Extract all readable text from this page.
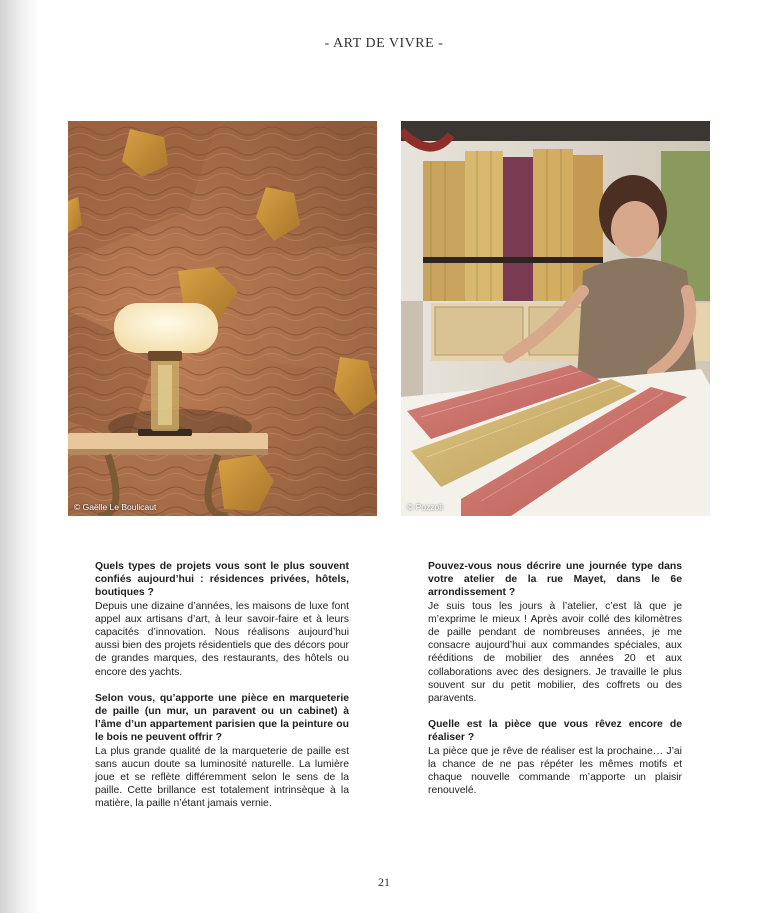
- ART DE VIVRE -
© Gaëlle Le Boulicaut	© Pozzoli

Quels types de projets vous sont le plus souvent confiés aujourd’hui : résidences privées, hôtels, boutiques ?

Depuis une dizaine d’années, les maisons de luxe font appel aux artisans d’art, à leur savoir-faire et à leurs capacités d’innovation. Nous réalisons aujourd’hui aussi bien des projets résidentiels que des décors pour de grandes marques, des restaurants, des hôtels ou encore des yachts.

Selon vous, qu’apporte une pièce en marqueterie de paille (un mur, un paravent ou un cabinet) à l’âme d’un appartement parisien que la peinture ou le bois ne peuvent offrir ?

La plus grande qualité de la marqueterie de paille est sans aucun doute sa luminosité naturelle. La lumière joue et se reflète différemment selon le sens de la paille. Cette brillance est totalement intrinsèque à la matière, la paille n’étant jamais vernie.

Pouvez-vous nous décrire une journée type dans votre atelier de la rue Mayet, dans le 6e arrondissement ?

Je suis tous les jours à l’atelier, c’est là que je m’exprime le mieux ! Après avoir collé des kilomètres de paille pendant de nombreuses années, je me consacre aujourd’hui aux commandes spéciales, aux rééditions de mobilier des années 20 et aux collaborations avec des designers. Je travaille le plus souvent sur du petit mobilier, des coffrets ou des paravents.

Quelle est la pièce que vous rêvez encore de réaliser ?

La pièce que je rêve de réaliser est la prochaine… J’ai la chance de ne pas répéter les mêmes motifs et chaque nouvelle commande m’apporte un plaisir renouvelé.

21
